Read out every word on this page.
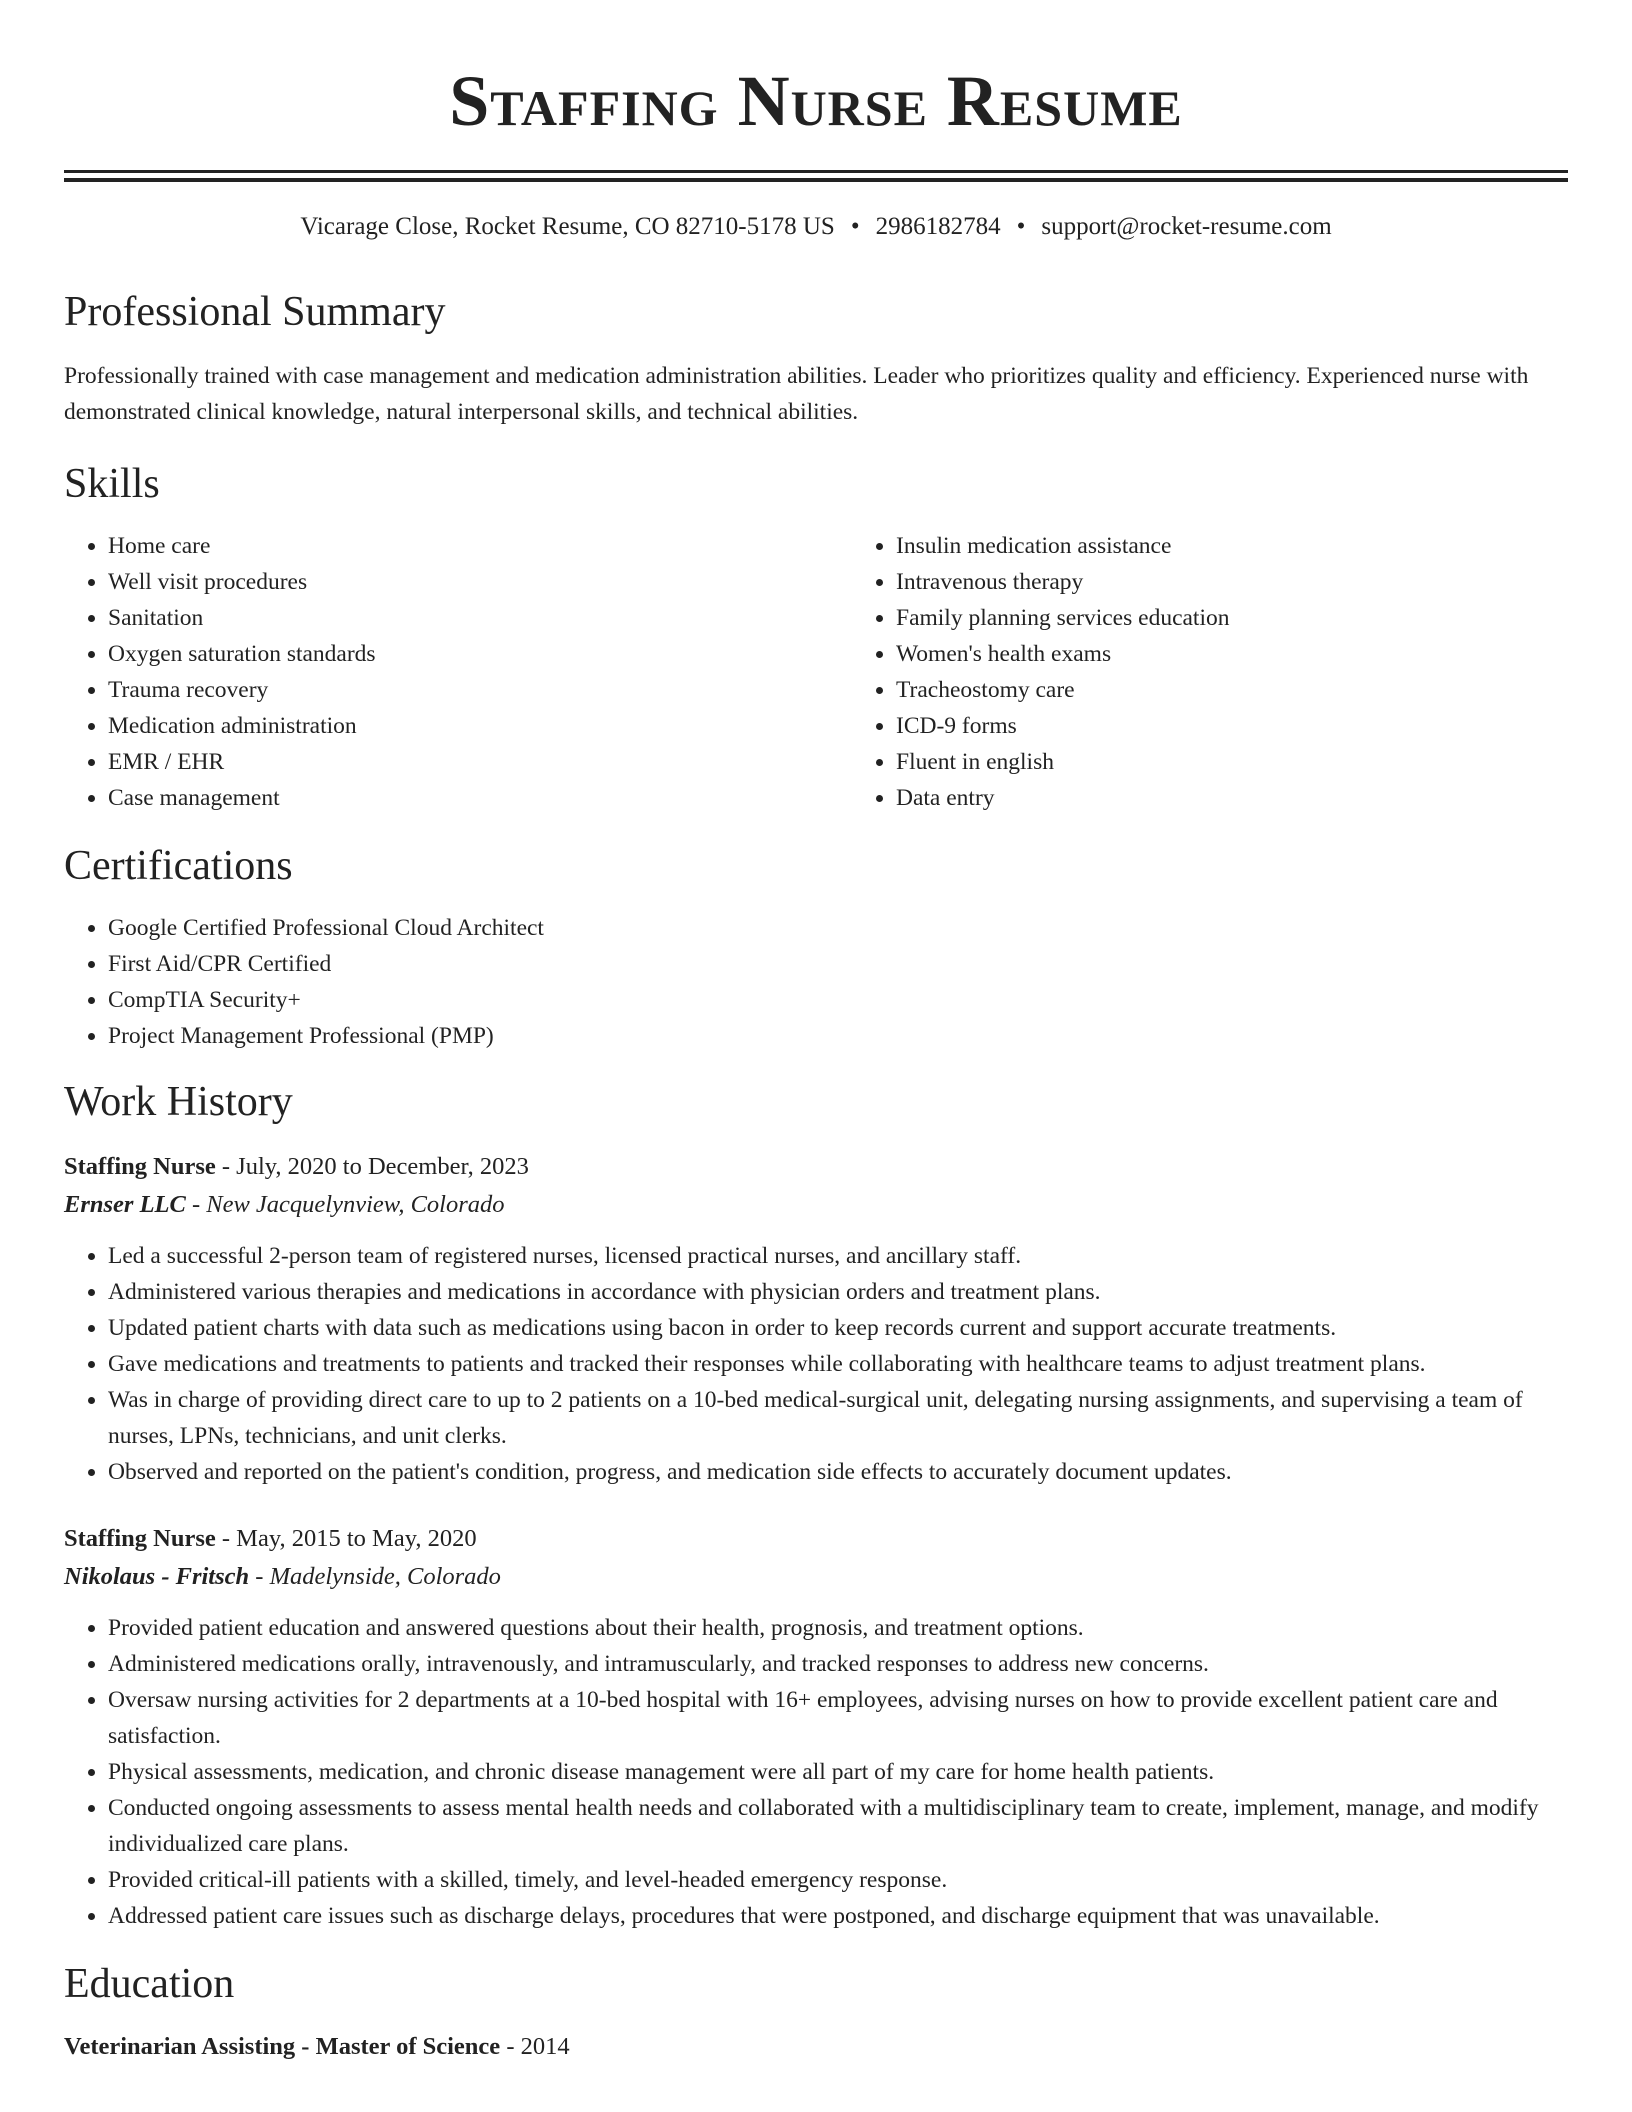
Staffing Nurse Resume
Vicarage Close, Rocket Resume, CO 82710-5178 US • 2986182784 • support@rocket-resume.com
Professional Summary

Professionally trained with case management and medication administration abilities. Leader who prioritizes quality and efficiency. Experienced nurse with demonstrated clinical knowledge, natural interpersonal skills, and technical abilities.

Skills
• Home care
• Well visit procedures
• Sanitation
• Oxygen saturation standards
• Trauma recovery
• Medication administration
• EMR / EHR
• Case management
• Insulin medication assistance
• Intravenous therapy
• Family planning services education
• Women's health exams
• Tracheostomy care
• ICD-9 forms
• Fluent in english
• Data entry
Certifications
• Google Certified Professional Cloud Architect
• First Aid/CPR Certified
• CompTIA Security+
• Project Management Professional (PMP)
Work History
Staffing Nurse - July, 2020 to December, 2023
Ernser LLC - New Jacquelynview, Colorado
• Led a successful 2-person team of registered nurses, licensed practical nurses, and ancillary staff.
• Administered various therapies and medications in accordance with physician orders and treatment plans.
• Updated patient charts with data such as medications using bacon in order to keep records current and support accurate treatments.
• Gave medications and treatments to patients and tracked their responses while collaborating with healthcare teams to adjust treatment plans.
• Was in charge of providing direct care to up to 2 patients on a 10-bed medical-surgical unit, delegating nursing assignments, and supervising a team of nurses, LPNs, technicians, and unit clerks.
• Observed and reported on the patient's condition, progress, and medication side effects to accurately document updates.
Staffing Nurse - May, 2015 to May, 2020
Nikolaus - Fritsch - Madelynside, Colorado
• Provided patient education and answered questions about their health, prognosis, and treatment options.
• Administered medications orally, intravenously, and intramuscularly, and tracked responses to address new concerns.
• Oversaw nursing activities for 2 departments at a 10-bed hospital with 16+ employees, advising nurses on how to provide excellent patient care and satisfaction.
• Physical assessments, medication, and chronic disease management were all part of my care for home health patients.
• Conducted ongoing assessments to assess mental health needs and collaborated with a multidisciplinary team to create, implement, manage, and modify individualized care plans.
• Provided critical-ill patients with a skilled, timely, and level-headed emergency response.
• Addressed patient care issues such as discharge delays, procedures that were postponed, and discharge equipment that was unavailable.
Education
Veterinarian Assisting - Master of Science - 2014
